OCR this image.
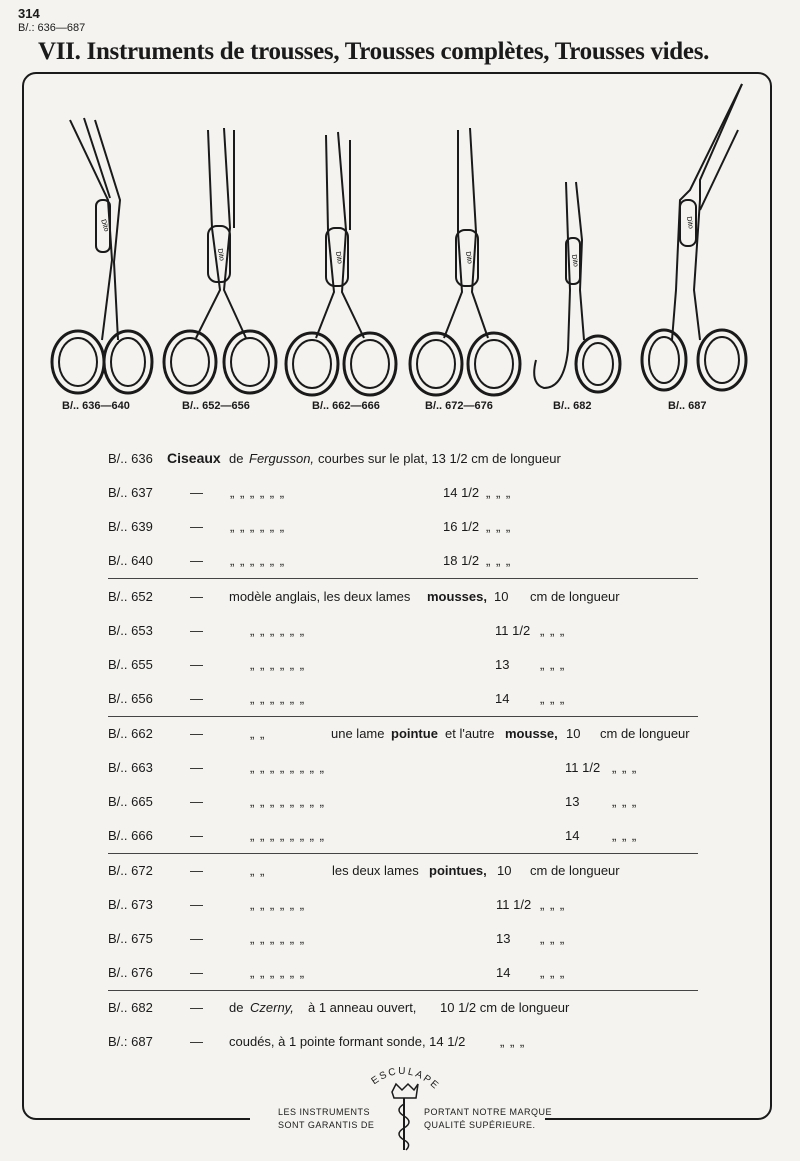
314
B/.: 636—687
VII. Instruments de trousses, Trousses complètes, Trousses vides.
Dito
Dito	Dito	Dito	Dito
Dito
B/.. 636—640	B/.. 652—656	B/.. 662—666	B/.. 672—676	B/.. 682	B/.. 687
B/.. 636 Ciseaux de Fergusson, courbes sur le plat, 13 1/2 cm de longueur
B/.. 637	— „ „ „ „ „ „	14 1/2 „ „ „
B/.. 639	— „ „ „ „ „ „	16 1/2 „ „ „
B/.. 640	— „ „ „ „ „ „	18 1/2 „ „ „
B/.. 652	— modèle anglais, les deux lames mousses, 10 cm de longueur
B/.. 653	—	„ „ „ „ „ „	11 1/2 „ „ „
B/.. 655	—	„ „ „ „ „ „	13 „ „ „
B/.. 656	—	„ „ „ „ „ „	14 „ „ „
B/.. 662	—	„ „	une lame pointue et l'autre mousse, 10 cm de longueur
B/.. 663	—	„ „ „ „ „ „ „ „	11 1/2 „ „ „
B/.. 665	—	„ „ „ „ „ „ „ „	13	„ „ „
B/.. 666	—	„ „ „ „ „ „ „ „	14	„ „ „
B/.. 672	—	„ „	les deux lames pointues, 10 cm de longueur
B/.. 673	—	„ „ „ „ „ „	11 1/2 „ „ „
B/.. 675	—	„ „ „ „ „ „	13 „ „ „
B/.. 676	—	„ „ „ „ „ „	14 „ „ „
B/.. 682	— de Czerny, à 1 anneau ouvert, 10 1/2 cm de longueur
B/.: 687	— coudés, à 1 pointe formant sonde, 14 1/2	„ „ „
ESCULAPE
LES INSTRUMENTS
SONT GARANTIS DE
PORTANT NOTRE MARQUE
QUALITÉ SUPÉRIEURE.
